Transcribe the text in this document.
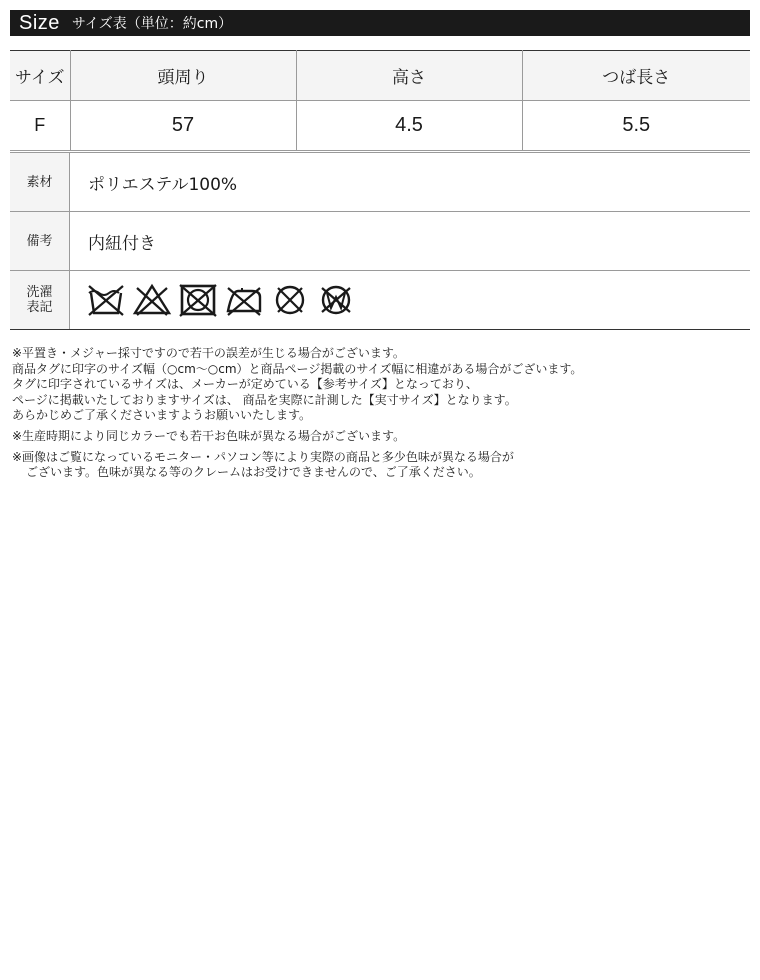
Size サイズ表（単位：約cm）
サイズ	頭周り	高さ	つば長さ
F	57	4.5	5.5
素材	ポリエステル100%
備考	内紐付き

洗濯
表記

※平置き・メジャー採寸ですので若干の誤差が生じる場合がございます。

商品タグに印字のサイズ幅（○cm〜○cm）と商品ページ掲載のサイズ幅に相違がある場合がございます。

タグに印字されているサイズは、メーカーが定めている【参考サイズ】となっており、

ページに掲載いたしておりますサイズは、 商品を実際に計測した【実寸サイズ】となります。

あらかじめご了承くださいますようお願いいたします。

※生産時期により同じカラーでも若干お色味が異なる場合がございます。

※画像はご覧になっているモニター・パソコン等により実際の商品と多少色味が異なる場合が

ございます。色味が異なる等のクレームはお受けできませんので、ご了承ください。
